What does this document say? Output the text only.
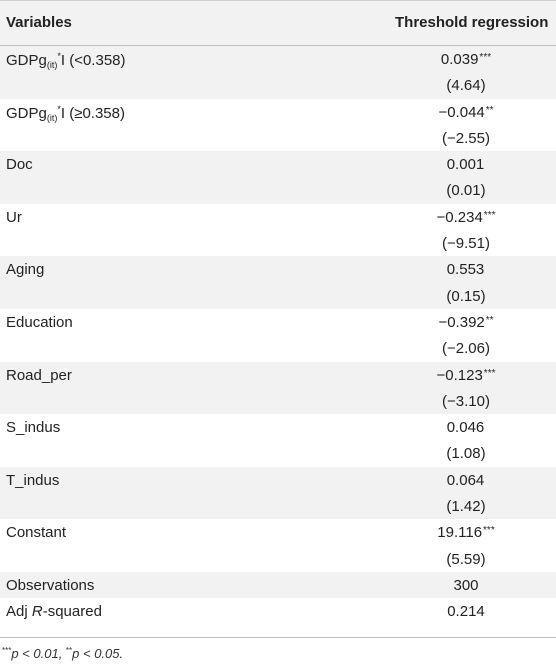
Variables	Threshold regression
GDPg$_{(it)}$*I (<0.358)	0.039***
(4.64)
GDPg$_{(it)}$*I (≥0.358)	−0.044**
(−2.55)
Doc	0.001
(0.01)
Ur	−0.234***
(−9.51)
Aging	0.553
(0.15)
Education	−0.392**
(−2.06)
Road_per	−0.123***
(−3.10)
S_indus	0.046
(1.08)
T_indus	0.064
(1.42)
Constant	19.116***
(5.59)
Observations	300
Adj R-squared	0.214
***p < 0.01, **p < 0.05.
